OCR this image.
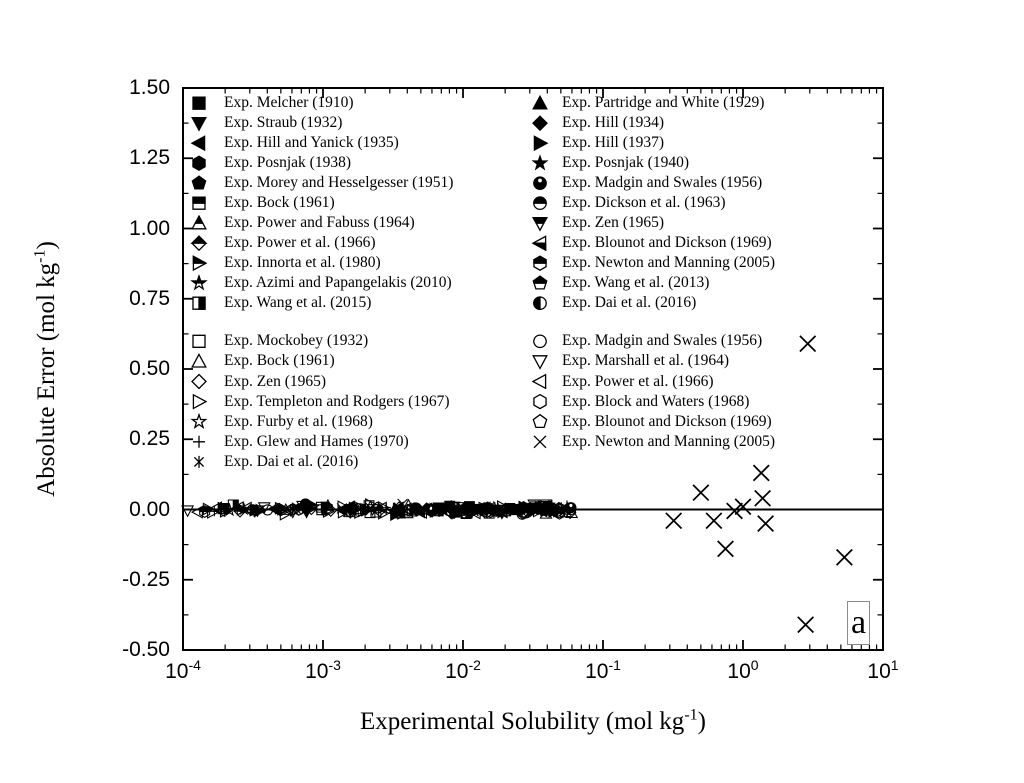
1.50
1.25
1.00
0.75
0.50
0.25
0.00
-0.25
-0.50
$10^{-4}$	$10^{-3}$	$10^{-2}$	$10^{-1}$	$10^0$	$10^1$
Experimental Solubility (mol $kg^{-1}$)
Absolute Error (mol $kg^{-1}$)
Exp. Melcher (1910)
Exp. Straub (1932)
Exp. Hill and Yanick (1935)
Exp. Posnjak (1938)
Exp. Morey and Hesselgesser (1951)
Exp. Bock (1961)
Exp. Power and Fabuss (1964)
Exp. Power et al. (1966)
Exp. Innorta et al. (1980)
Exp. Azimi and Papangelakis (2010)
Exp. Wang et al. (2015)
Exp. Partridge and White (1929)
Exp. Hill (1934)
Exp. Hill (1937)
Exp. Posnjak (1940)
Exp. Madgin and Swales (1956)
Exp. Dickson et al. (1963)
Exp. Zen (1965)
Exp. Blounot and Dickson (1969)
Exp. Newton and Manning (2005)
Exp. Wang et al. (2013)
Exp. Dai et al. (2016)
Exp. Mockobey (1932)
Exp. Bock (1961)
Exp. Zen (1965)
Exp. Templeton and Rodgers (1967)
Exp. Furby et al. (1968)
Exp. Glew and Hames (1970)
Exp. Dai et al. (2016)
Exp. Madgin and Swales (1956)
Exp. Marshall et al. (1964)
Exp. Power et al. (1966)
Exp. Block and Waters (1968)
Exp. Blounot and Dickson (1969)
Exp. Newton and Manning (2005)
a
